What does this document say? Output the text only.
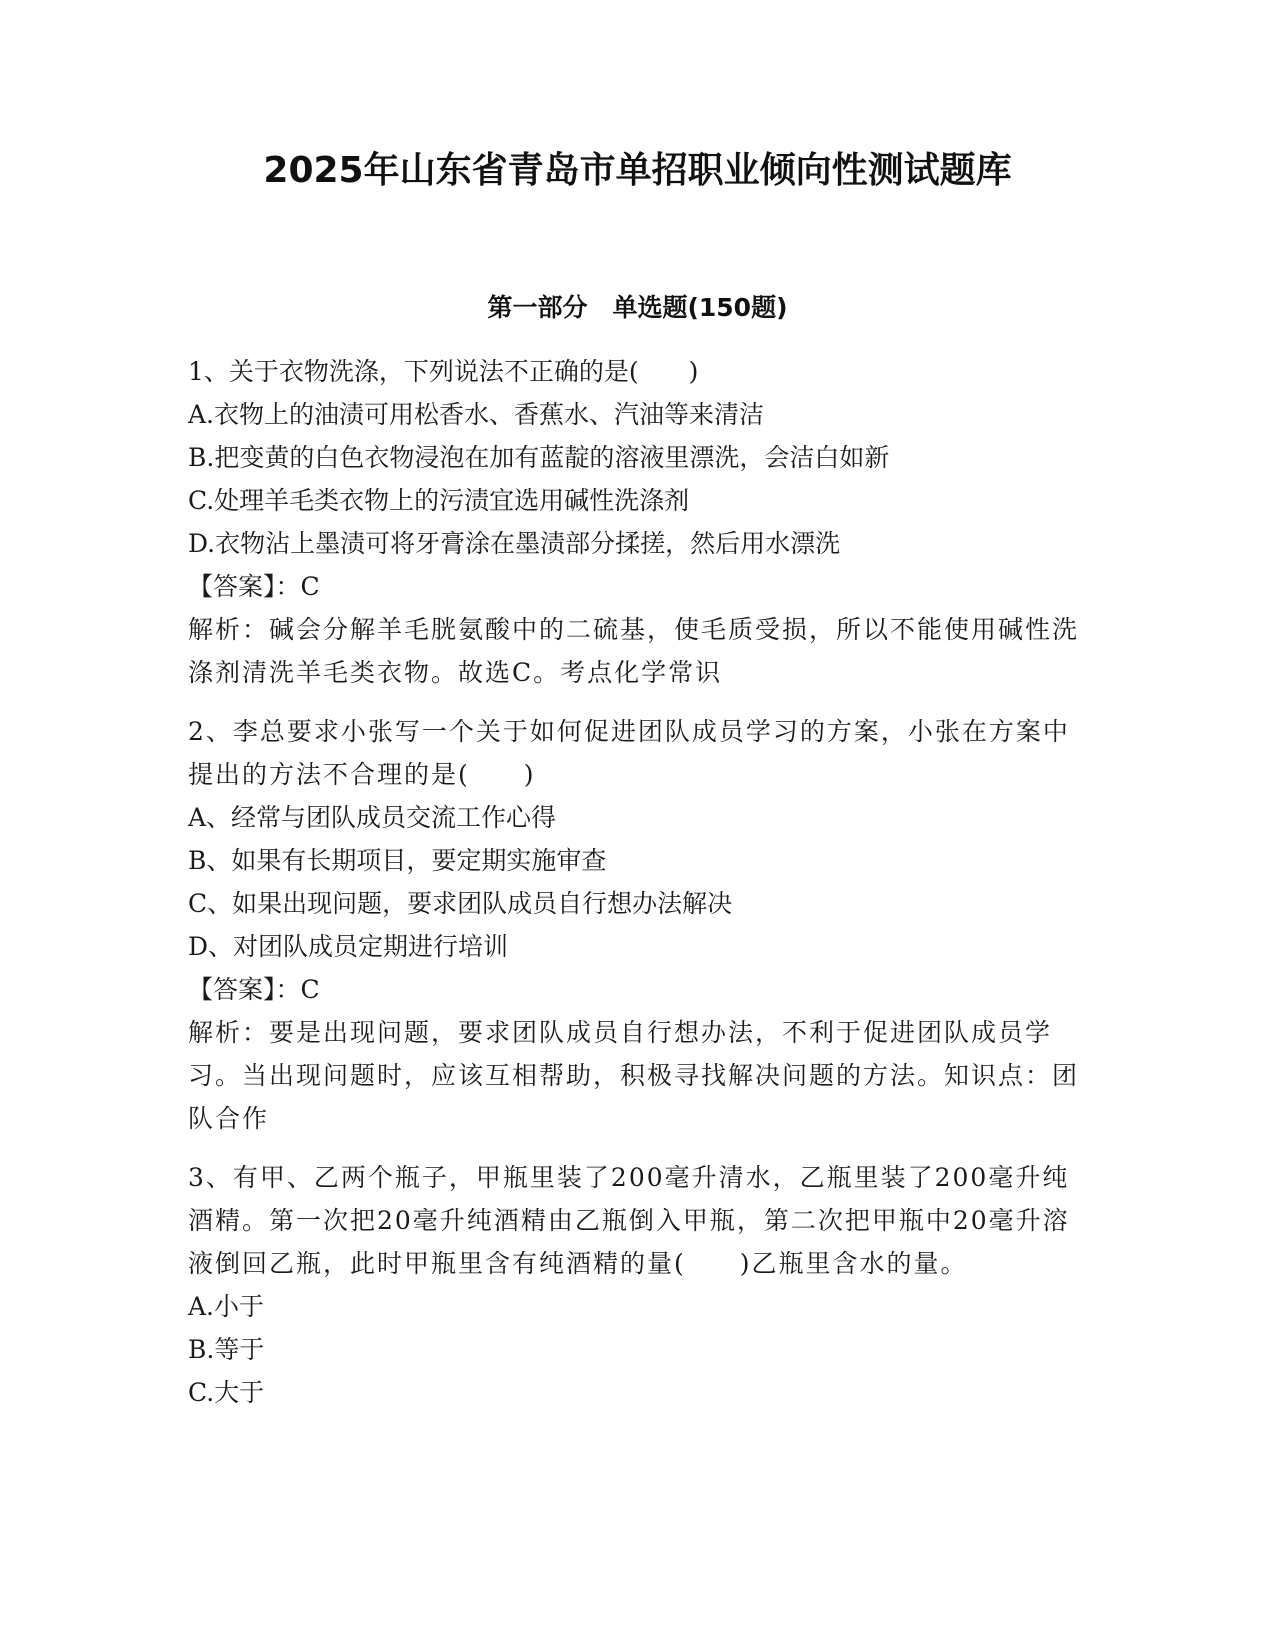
2025年山东省青岛市单招职业倾向性测试题库
第一部分　单选题(150题)
1、关于衣物洗涤，下列说法不正确的是(　　)
A.衣物上的油渍可用松香水、香蕉水、汽油等来清洁
B.把变黄的白色衣物浸泡在加有蓝靛的溶液里漂洗，会洁白如新
C.处理羊毛类衣物上的污渍宜选用碱性洗涤剂
D.衣物沾上墨渍可将牙膏涂在墨渍部分揉搓，然后用水漂洗
【答案】：C
解析：碱会分解羊毛胱氨酸中的二硫基，使毛质受损，所以不能使用碱性洗涤剂清洗羊毛类衣物。故选C。考点化学常识
2、李总要求小张写一个关于如何促进团队成员学习的方案，小张在方案中提出的方法不合理的是(　　)
A、经常与团队成员交流工作心得
B、如果有长期项目，要定期实施审查
C、如果出现问题，要求团队成员自行想办法解决
D、对团队成员定期进行培训
【答案】：C
解析：要是出现问题，要求团队成员自行想办法，不利于促进团队成员学习。当出现问题时，应该互相帮助，积极寻找解决问题的方法。知识点：团队合作
3、有甲、乙两个瓶子，甲瓶里装了200毫升清水，乙瓶里装了200毫升纯酒精。第一次把20毫升纯酒精由乙瓶倒入甲瓶，第二次把甲瓶中20毫升溶液倒回乙瓶，此时甲瓶里含有纯酒精的量(　　)乙瓶里含水的量。
A.小于
B.等于
C.大于
